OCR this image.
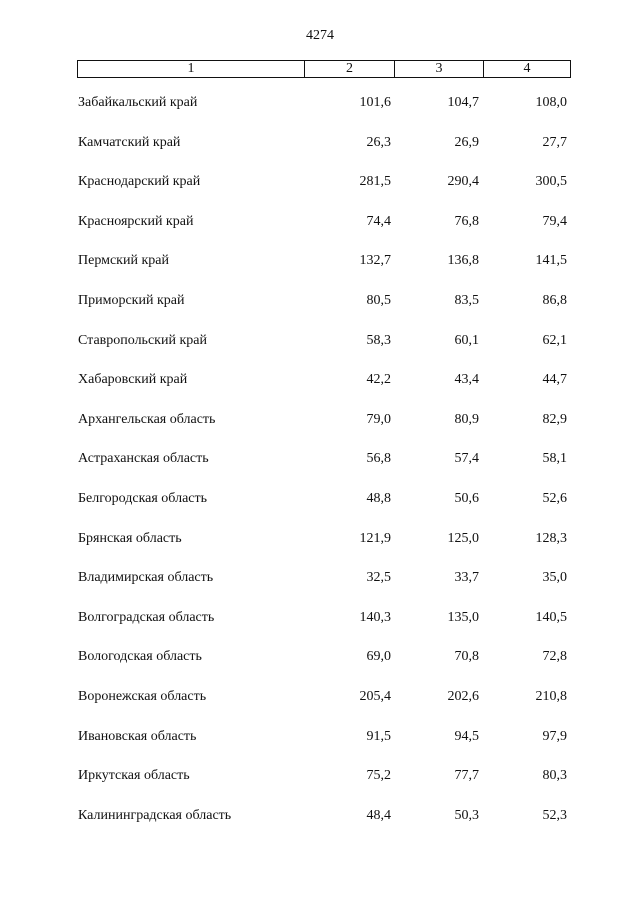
4274
1	2	3	4
Забайкальский край	101,6	104,7	108,0
Камчатский край	26,3	26,9	27,7
Краснодарский край	281,5	290,4	300,5
Красноярский край	74,4	76,8	79,4
Пермский край	132,7	136,8	141,5
Приморский край	80,5	83,5	86,8
Ставропольский край	58,3	60,1	62,1
Хабаровский край	42,2	43,4	44,7
Архангельская область	79,0	80,9	82,9
Астраханская область	56,8	57,4	58,1
Белгородская область	48,8	50,6	52,6
Брянская область	121,9	125,0	128,3
Владимирская область	32,5	33,7	35,0
Волгоградская область	140,3	135,0	140,5
Вологодская область	69,0	70,8	72,8
Воронежская область	205,4	202,6	210,8
Ивановская область	91,5	94,5	97,9
Иркутская область	75,2	77,7	80,3
Калининградская область	48,4	50,3	52,3
